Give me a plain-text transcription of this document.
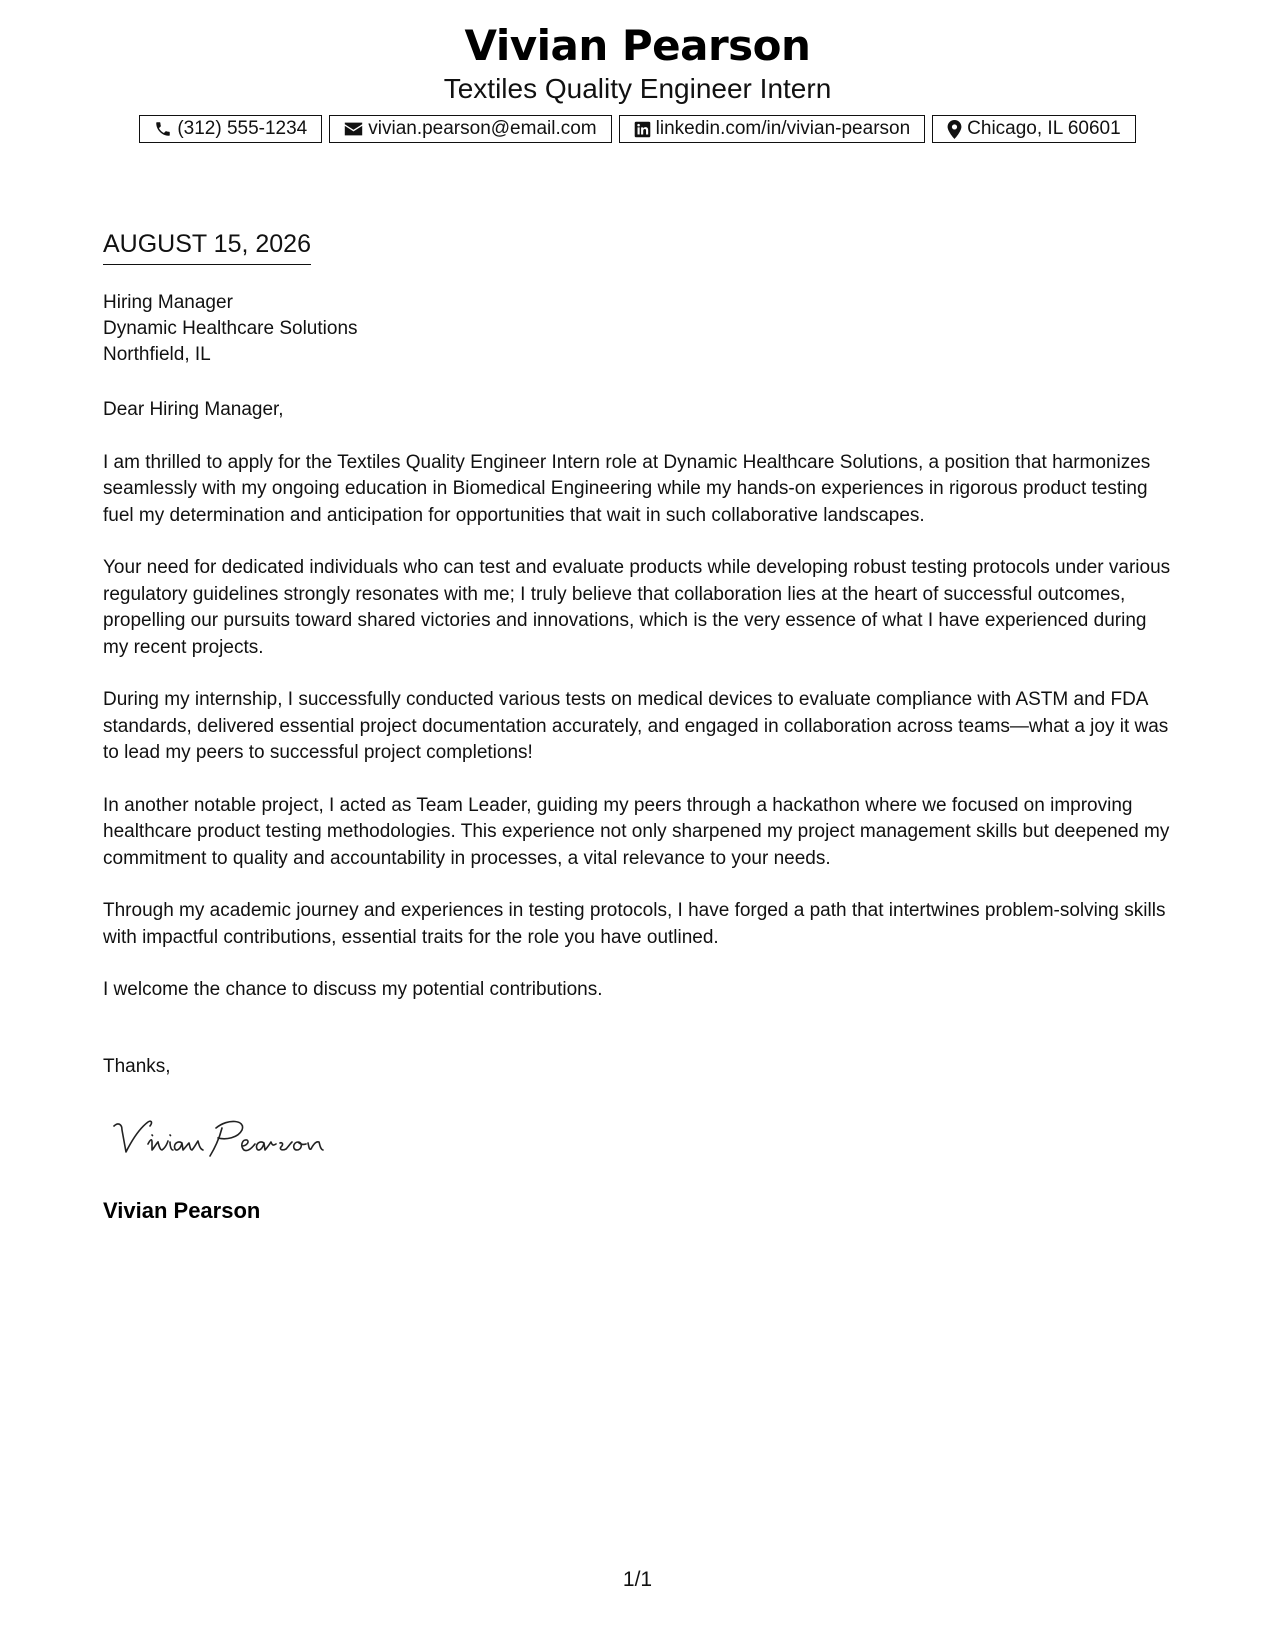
Vivian Pearson
Textiles Quality Engineer Intern
(312) 555-1234	vivian.pearson@email.com	linkedin.com/in/vivian-pearson	Chicago, IL 60601
AUGUST 15, 2026
Hiring Manager
Dynamic Healthcare Solutions
Northfield, IL

Dear Hiring Manager,

I am thrilled to apply for the Textiles Quality Engineer Intern role at Dynamic Healthcare Solutions, a position that harmonizes seamlessly with my ongoing education in Biomedical Engineering while my hands-on experiences in rigorous product testing fuel my determination and anticipation for opportunities that wait in such collaborative landscapes.

Your need for dedicated individuals who can test and evaluate products while developing robust testing protocols under various regulatory guidelines strongly resonates with me; I truly believe that collaboration lies at the heart of successful outcomes, propelling our pursuits toward shared victories and innovations, which is the very essence of what I have experienced during my recent projects.

During my internship, I successfully conducted various tests on medical devices to evaluate compliance with ASTM and FDA standards, delivered essential project documentation accurately, and engaged in collaboration across teams—what a joy it was to lead my peers to successful project completions!

In another notable project, I acted as Team Leader, guiding my peers through a hackathon where we focused on improving healthcare product testing methodologies. This experience not only sharpened my project management skills but deepened my commitment to quality and accountability in processes, a vital relevance to your needs.

Through my academic journey and experiences in testing protocols, I have forged a path that intertwines problem-solving skills with impactful contributions, essential traits for the role you have outlined.

I welcome the chance to discuss my potential contributions.

Thanks,
Vivian Pearson
1/1
